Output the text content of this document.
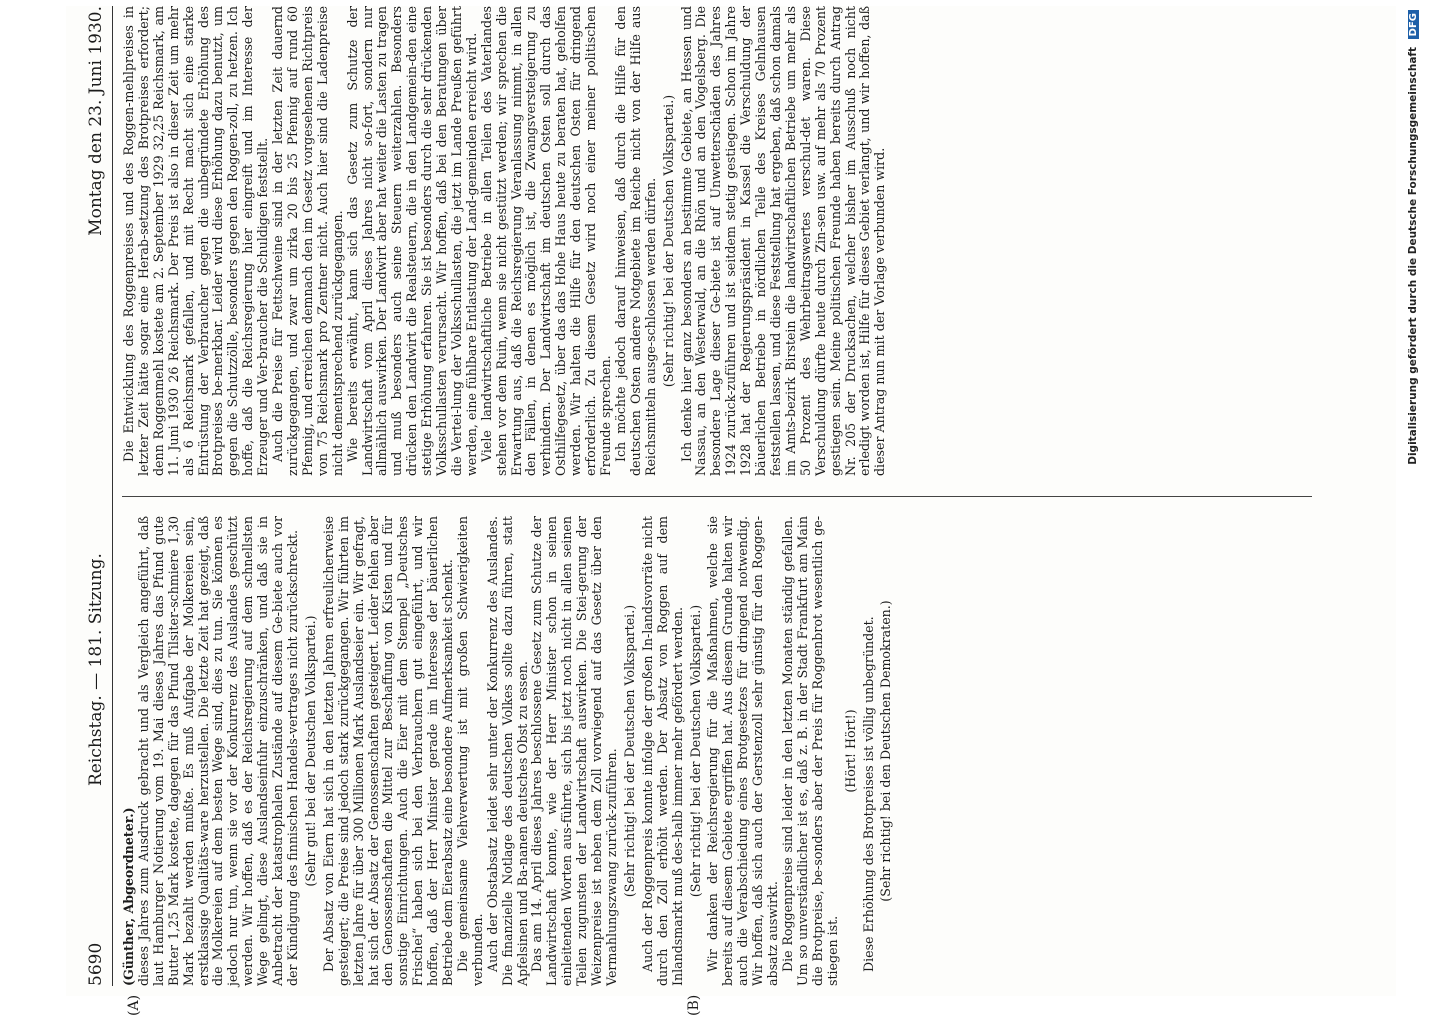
5690
Reichstag. — 181. Sitzung.
Montag den 23. Juni 1930.

(Günther, Abgeordneter.) dieses Jahres zum Ausdruck gebracht und als Vergleich angeführt, daß laut Hamburger Notierung vom 19. Mai dieses Jahres das Pfund gute Butter 1,25 Mark kostete, dagegen für das Pfund Tilsiter-schmiere 1,30 Mark bezahlt werden mußte. Es muß Aufgabe der Molkereien sein, erstklassige Qualitäts-ware herzustellen. Die letzte Zeit hat gezeigt, daß die Molkereien auf dem besten Wege sind, dies zu tun. Sie können es jedoch nur tun, wenn sie vor der Konkurrenz des Auslandes geschützt werden. Wir hoffen, daß es der Reichsregierung auf dem schnellsten Wege gelingt, diese Auslandseinfuhr einzuschränken, und daß sie in Anbetracht der katastrophalen Zustände auf diesem Ge-biete auch vor der Kündigung des finnischen Handels-vertrages nicht zurückschreckt. (Sehr gut! bei der Deutschen Volkspartei.) Der Absatz von Eiern hat sich in den letzten Jahren erfreulicherweise gesteigert; die Preise sind jedoch stark zurückgegangen. Wir führten im letzten Jahre für über 300 Millionen Mark Auslandseier ein. Wir gefragt, hat sich der Absatz der Genossenschaften gesteigert. Leider fehlen aber den Genossenschaften die Mittel zur Beschaffung von Kisten und für sonstige Einrichtungen. Auch die Eier mit dem Stempel „Deutsches Frischei“ haben sich bei den Verbrauchern gut eingeführt, und wir hoffen, daß der Herr Minister gerade im Interesse der bäuerlichen Betriebe dem Eierabsatz eine besondere Aufmerksamkeit schenkt. Die gemeinsame Viehverwertung ist mit großen Schwierigkeiten verbunden. Auch der Obstabsatz leidet sehr unter der Konkurrenz des Auslandes. Die finanzielle Notlage des deutschen Volkes sollte dazu führen, statt Apfelsinen und Ba-nanen deutsches Obst zu essen. Das am 14. April dieses Jahres beschlossene Gesetz zum Schutze der Landwirtschaft konnte, wie der Herr Minister schon in seinen einleitenden Worten aus-führte, sich bis jetzt noch nicht in allen seinen Teilen zugunsten der Landwirtschaft auswirken. Die Stei-gerung der Weizenpreise ist neben dem Zoll vorwiegend auf das Gesetz über den Vermahlungszwang zurück-zuführen. (Sehr richtig! bei der Deutschen Volkspartei.) Auch der Roggenpreis konnte infolge der großen In-landsvorräte nicht durch den Zoll erhöht werden. Der Absatz von Roggen auf dem Inlandsmarkt muß des-halb immer mehr gefördert werden. (Sehr richtig! bei der Deutschen Volkspartei.) Wir danken der Reichsregierung für die Maßnahmen, welche sie bereits auf diesem Gebiete ergriffen hat. Aus diesem Grunde halten wir auch die Verabschiedung eines Brotgesetzes für dringend notwendig. Wir hoffen, daß sich auch der Gerstenzoll sehr günstig für den Roggen-absatz auswirkt. Die Roggenpreise sind leider in den letzten Monaten ständig gefallen. Um so unverständlicher ist es, daß z. B. in der Stadt Frankfurt am Main die Brotpreise, be-sonders aber der Preis für Roggenbrot wesentlich ge-stiegen ist.

(Hört! Hört!) Diese Erhöhung des Brotpreises ist völlig unbegründet. (Sehr richtig! bei den Deutschen Demokraten.)

Die Entwicklung des Roggenpreises und des Roggen-mehlpreises in letzter Zeit hätte sogar eine Herab-setzung des Brotpreises erfordert; denn Roggenmehl kostete am 2. September 1929 32,25 Reichsmark, am 11. Juni 1930 26 Reichsmark. Der Preis ist also in dieser Zeit um mehr als 6 Reichsmark gefallen, und mit Recht macht sich eine starke Entrüstung der Verbraucher gegen die unbegründete Erhöhung des Brotpreises be-merkbar. Leider wird diese Erhöhung dazu benutzt, um gegen die Schutzzölle, besonders gegen den Roggen-zoll, zu hetzen. Ich hoffe, daß die Reichsregierung hier eingreift und im Interesse der Erzeuger und Ver-braucher die Schuldigen feststellt. Auch die Preise für Fettschweine sind in der letzten Zeit dauernd zurückgegangen, und zwar um zirka 20 bis 25 Pfennig auf rund 60 Pfennig, und erreichen demnach den im Gesetz vorgesehenen Richtpreis von 75 Reichsmark pro Zentner nicht. Auch hier sind die Ladenpreise nicht dementsprechend zurückgegangen. Wie bereits erwähnt, kann sich das Gesetz zum Schutze der Landwirtschaft vom April dieses Jahres nicht so-fort, sondern nur allmählich auswirken. Der Landwirt aber hat weiter die Lasten zu tragen und muß besonders auch seine Steuern weiterzahlen. Besonders drücken den Landwirt die Realsteuern, die in den Landgemein-den eine stetige Erhöhung erfahren. Sie ist besonders durch die sehr drückenden Volksschullasten verursacht. Wir hoffen, daß bei den Beratungen über die Vertei-lung der Volksschullasten, die jetzt im Lande Preußen geführt werden, eine fühlbare Entlastung der Land-gemeinden erreicht wird. Viele landwirtschaftliche Betriebe in allen Teilen des Vaterlandes stehen vor dem Ruin, wenn sie nicht gestützt werden; wir sprechen die Erwartung aus, daß die Reichsregierung Veranlassung nimmt, in allen den Fällen, in denen es möglich ist, die Zwangsversteigerung zu verhindern. Der Landwirtschaft im deutschen Osten soll durch das Osthilfegesetz, über das das Hohe Haus heute zu beraten hat, geholfen werden. Wir halten die Hilfe für den deutschen Osten für dringend erforderlich. Zu diesem Gesetz wird noch einer meiner politischen Freunde sprechen. Ich möchte jedoch darauf hinweisen, daß durch die Hilfe für den deutschen Osten andere Notgebiete im Reiche nicht von der Hilfe aus Reichsmitteln ausge-schlossen werden dürfen. (Sehr richtig! bei der Deutschen Volkspartei.) Ich denke hier ganz besonders an bestimmte Gebiete, an Hessen und Nassau, an den Westerwald, an die Rhön und an den Vogelsberg. Die besondere Lage dieser Ge-biete ist auf Unwetterschäden des Jahres 1924 zurück-zuführen und ist seitdem stetig gestiegen. Schon im Jahre 1928 hat der Regierungspräsident in Kassel die Verschuldung der bäuerlichen Betriebe in nördlichen Teile des Kreises Gelnhausen feststellen lassen, und diese Feststellung hat ergeben, daß schon damals im Amts-bezirk Birstein die landwirtschaftlichen Betriebe um mehr als 50 Prozent des Wehrbeitragswertes verschul-det waren. Diese Verschuldung dürfte heute durch Zin-sen usw. auf mehr als 70 Prozent gestiegen sein. Meine politischen Freunde haben bereits durch Antrag Nr. 205 der Drucksachen, welcher bisher im Ausschuß noch nicht erledigt worden ist, Hilfe für dieses Gebiet verlangt, und wir hoffen, daß dieser Antrag nun mit der Vorlage verbunden wird.

(A)	(B)
Digitalisierung gefördert durch die Deutsche Forschungsgemeinschaft DFG
